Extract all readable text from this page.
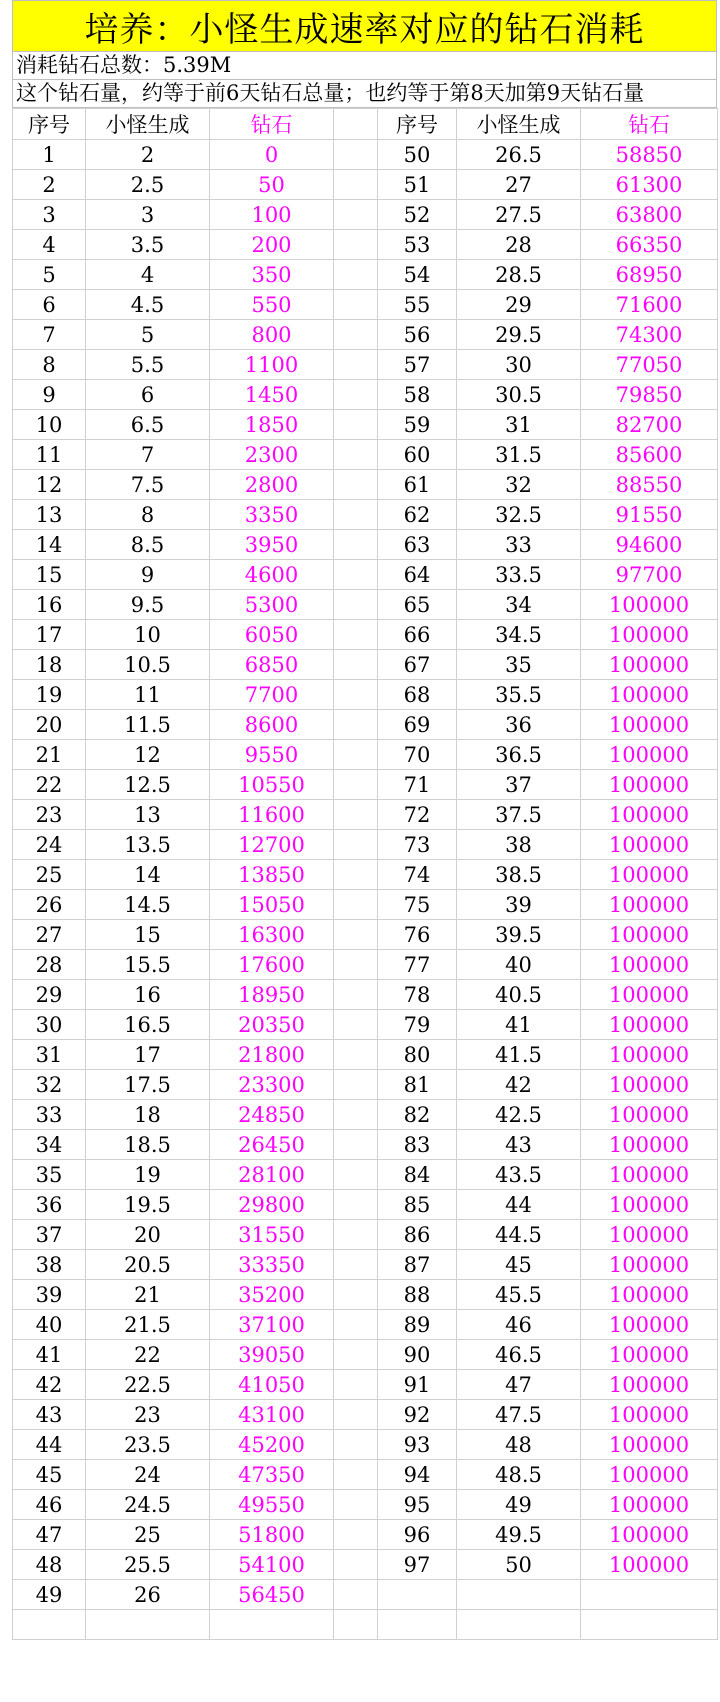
培养：小怪生成速率对应的钻石消耗
消耗钻石总数：5.39M
这个钻石量，约等于前6天钻石总量；也约等于第8天加第9天钻石量
序号	小怪生成	钻石		序号	小怪生成	钻石
1	2	0		50	26.5	58850
2	2.5	50		51	27	61300
3	3	100		52	27.5	63800
4	3.5	200		53	28	66350
5	4	350		54	28.5	68950
6	4.5	550		55	29	71600
7	5	800		56	29.5	74300
8	5.5	1100		57	30	77050
9	6	1450		58	30.5	79850
10	6.5	1850		59	31	82700
11	7	2300		60	31.5	85600
12	7.5	2800		61	32	88550
13	8	3350		62	32.5	91550
14	8.5	3950		63	33	94600
15	9	4600		64	33.5	97700
16	9.5	5300		65	34	100000
17	10	6050		66	34.5	100000
18	10.5	6850		67	35	100000
19	11	7700		68	35.5	100000
20	11.5	8600		69	36	100000
21	12	9550		70	36.5	100000
22	12.5	10550		71	37	100000
23	13	11600		72	37.5	100000
24	13.5	12700		73	38	100000
25	14	13850		74	38.5	100000
26	14.5	15050		75	39	100000
27	15	16300		76	39.5	100000
28	15.5	17600		77	40	100000
29	16	18950		78	40.5	100000
30	16.5	20350		79	41	100000
31	17	21800		80	41.5	100000
32	17.5	23300		81	42	100000
33	18	24850		82	42.5	100000
34	18.5	26450		83	43	100000
35	19	28100		84	43.5	100000
36	19.5	29800		85	44	100000
37	20	31550		86	44.5	100000
38	20.5	33350		87	45	100000
39	21	35200		88	45.5	100000
40	21.5	37100		89	46	100000
41	22	39050		90	46.5	100000
42	22.5	41050		91	47	100000
43	23	43100		92	47.5	100000
44	23.5	45200		93	48	100000
45	24	47350		94	48.5	100000
46	24.5	49550		95	49	100000
47	25	51800		96	49.5	100000
48	25.5	54100		97	50	100000
49	26	56450				
